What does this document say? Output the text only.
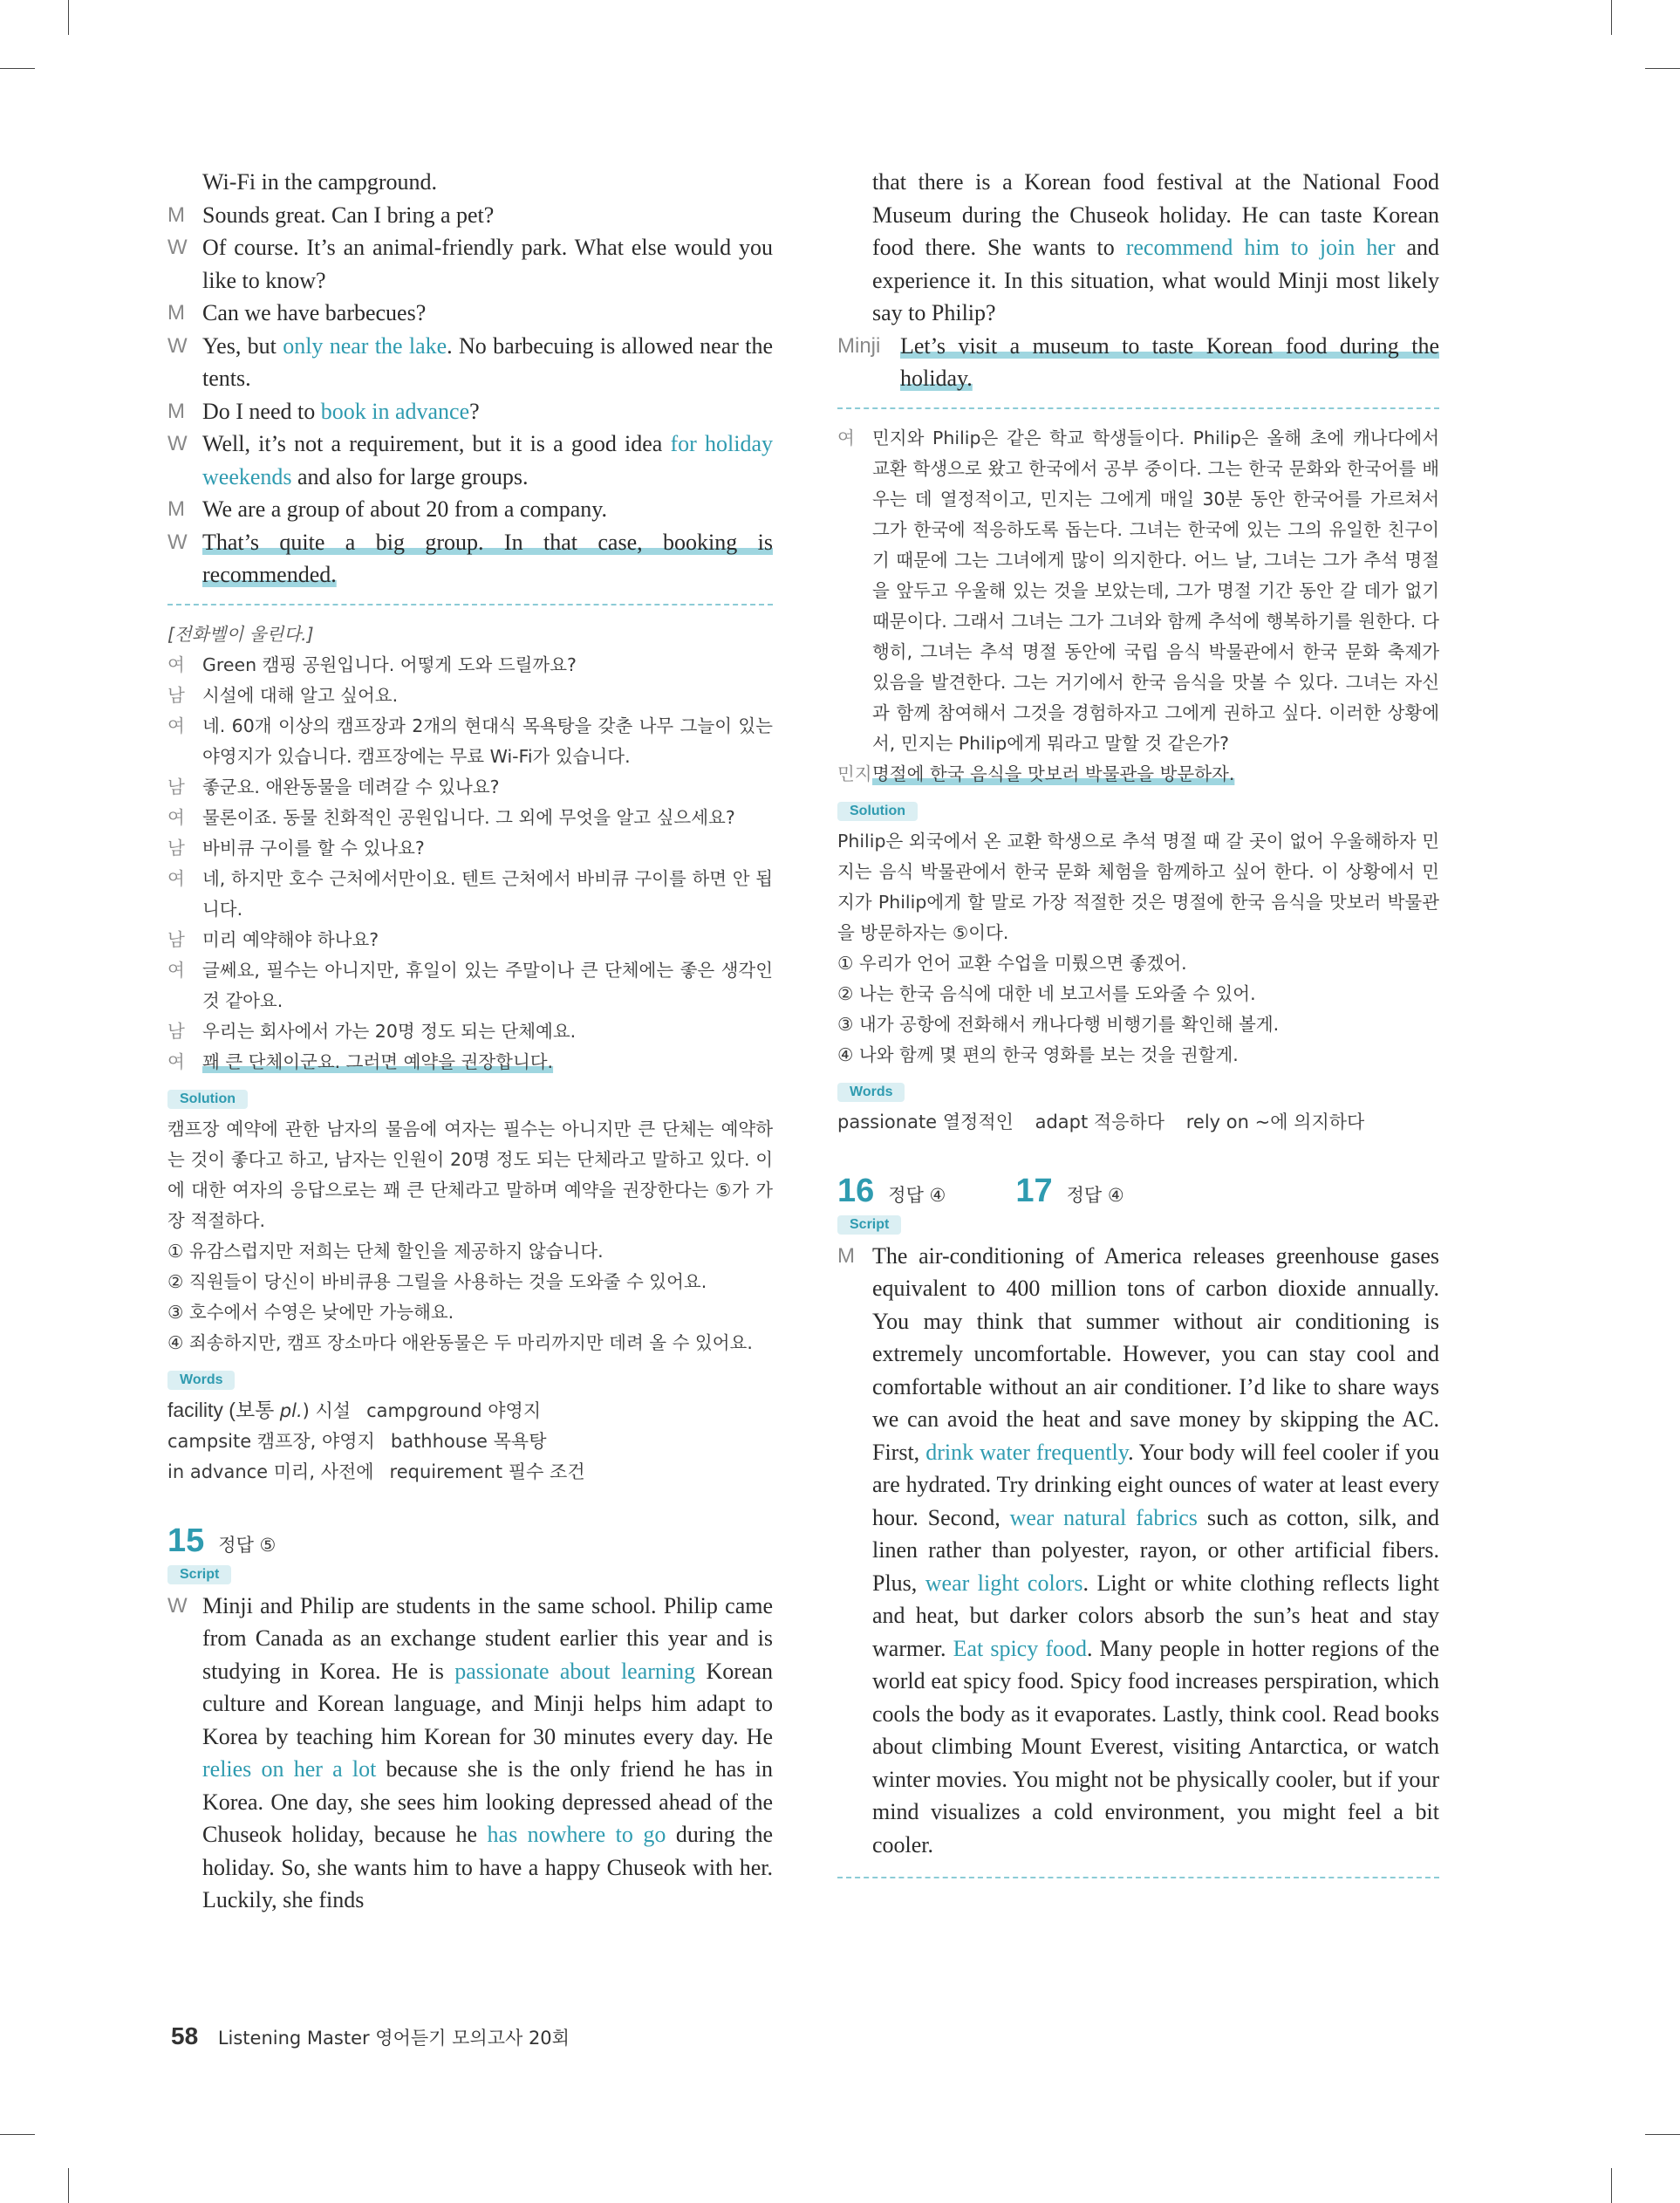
Wi-Fi in the campground.
M Sounds great. Can I bring a pet?
W Of course. It’s an animal-friendly park. What else would you like to know?
M Can we have barbecues?
W Yes, but only near the lake. No barbecuing is allowed near the tents.
M Do I need to book in advance?
W Well, it’s not a requirement, but it is a good idea for holiday weekends and also for large groups.
M We are a group of about 20 from a company.
W That’s quite a big group. In that case, booking is recommended.
[전화벨이 울린다.]
여 Green 캠핑 공원입니다. 어떻게 도와 드릴까요?
남 시설에 대해 알고 싶어요.
여 네. 60개 이상의 캠프장과 2개의 현대식 목욕탕을 갖춘 나무 그늘이 있는 야영지가 있습니다. 캠프장에는 무료 Wi-Fi가 있습니다.
남 좋군요. 애완동물을 데려갈 수 있나요?
여 물론이죠. 동물 친화적인 공원입니다. 그 외에 무엇을 알고 싶으세요?
남 바비큐 구이를 할 수 있나요?
여 네, 하지만 호수 근처에서만이요. 텐트 근처에서 바비큐 구이를 하면 안 됩니다.
남 미리 예약해야 하나요?
여 글쎄요, 필수는 아니지만, 휴일이 있는 주말이나 큰 단체에는 좋은 생각인 것 같아요.
남 우리는 회사에서 가는 20명 정도 되는 단체예요.
여 꽤 큰 단체이군요. 그러면 예약을 권장합니다.
Solution
캠프장 예약에 관한 남자의 물음에 여자는 필수는 아니지만 큰 단체는 예약하는 것이 좋다고 하고, 남자는 인원이 20명 정도 되는 단체라고 말하고 있다. 이에 대한 여자의 응답으로는 꽤 큰 단체라고 말하며 예약을 권장한다는 ⑤가 가장 적절하다.
① 유감스럽지만 저희는 단체 할인을 제공하지 않습니다.
② 직원들이 당신이 바비큐용 그릴을 사용하는 것을 도와줄 수 있어요.
③ 호수에서 수영은 낮에만 가능해요.
④ 죄송하지만, 캠프 장소마다 애완동물은 두 마리까지만 데려 올 수 있어요.
Words
facility (보통 pl.) 시설 campground 야영지
campsite 캠프장, 야영지 bathhouse 목욕탕
in advance 미리, 사전에 requirement 필수 조건
15 정답 ⑤
Script
W Minji and Philip are students in the same school. Philip came from Canada as an exchange student earlier this year and is studying in Korea. He is passionate about learning Korean culture and Korean language, and Minji helps him adapt to Korea by teaching him Korean for 30 minutes every day. He relies on her a lot because she is the only friend he has in Korea. One day, she sees him looking depressed ahead of the Chuseok holiday, because he has nowhere to go during the holiday. So, she wants him to have a happy Chuseok with her. Luckily, she finds
that there is a Korean food festival at the National Food Museum during the Chuseok holiday. He can taste Korean food there. She wants to recommend him to join her and experience it. In this situation, what would Minji most likely say to Philip?
Minji Let’s visit a museum to taste Korean food during the holiday.
여 민지와 Philip은 같은 학교 학생들이다. Philip은 올해 초에 캐나다에서 교환 학생으로 왔고 한국에서 공부 중이다. 그는 한국 문화와 한국어를 배우는 데 열정적이고, 민지는 그에게 매일 30분 동안 한국어를 가르쳐서 그가 한국에 적응하도록 돕는다. 그녀는 한국에 있는 그의 유일한 친구이기 때문에 그는 그녀에게 많이 의지한다. 어느 날, 그녀는 그가 추석 명절을 앞두고 우울해 있는 것을 보았는데, 그가 명절 기간 동안 갈 데가 없기 때문이다. 그래서 그녀는 그가 그녀와 함께 추석에 행복하기를 원한다. 다행히, 그녀는 추석 명절 동안에 국립 음식 박물관에서 한국 문화 축제가 있음을 발견한다. 그는 거기에서 한국 음식을 맛볼 수 있다. 그녀는 자신과 함께 참여해서 그것을 경험하자고 그에게 권하고 싶다. 이러한 상황에서, 민지는 Philip에게 뭐라고 말할 것 같은가?
민지 명절에 한국 음식을 맛보러 박물관을 방문하자.
Solution
Philip은 외국에서 온 교환 학생으로 추석 명절 때 갈 곳이 없어 우울해하자 민지는 음식 박물관에서 한국 문화 체험을 함께하고 싶어 한다. 이 상황에서 민지가 Philip에게 할 말로 가장 적절한 것은 명절에 한국 음식을 맛보러 박물관을 방문하자는 ⑤이다.
① 우리가 언어 교환 수업을 미뤘으면 좋겠어.
② 나는 한국 음식에 대한 네 보고서를 도와줄 수 있어.
③ 내가 공항에 전화해서 캐나다행 비행기를 확인해 볼게.
④ 나와 함께 몇 편의 한국 영화를 보는 것을 권할게.
Words
passionate 열정적인 adapt 적응하다 rely on ~에 의지하다
16 정답 ④ 17 정답 ④
Script
M The air-conditioning of America releases greenhouse gases equivalent to 400 million tons of carbon dioxide annually. You may think that summer without air conditioning is extremely uncomfortable. However, you can stay cool and comfortable without an air conditioner. I’d like to share ways we can avoid the heat and save money by skipping the AC. First, drink water frequently. Your body will feel cooler if you are hydrated. Try drinking eight ounces of water at least every hour. Second, wear natural fabrics such as cotton, silk, and linen rather than polyester, rayon, or other artificial fibers. Plus, wear light colors. Light or white clothing reflects light and heat, but darker colors absorb the sun’s heat and stay warmer. Eat spicy food. Many people in hotter regions of the world eat spicy food. Spicy food increases perspiration, which cools the body as it evaporates. Lastly, think cool. Read books about climbing Mount Everest, visiting Antarctica, or watch winter movies. You might not be physically cooler, but if your mind visualizes a cold environment, you might feel a bit cooler.
58 Listening Master 영어듣기 모의고사 20회
